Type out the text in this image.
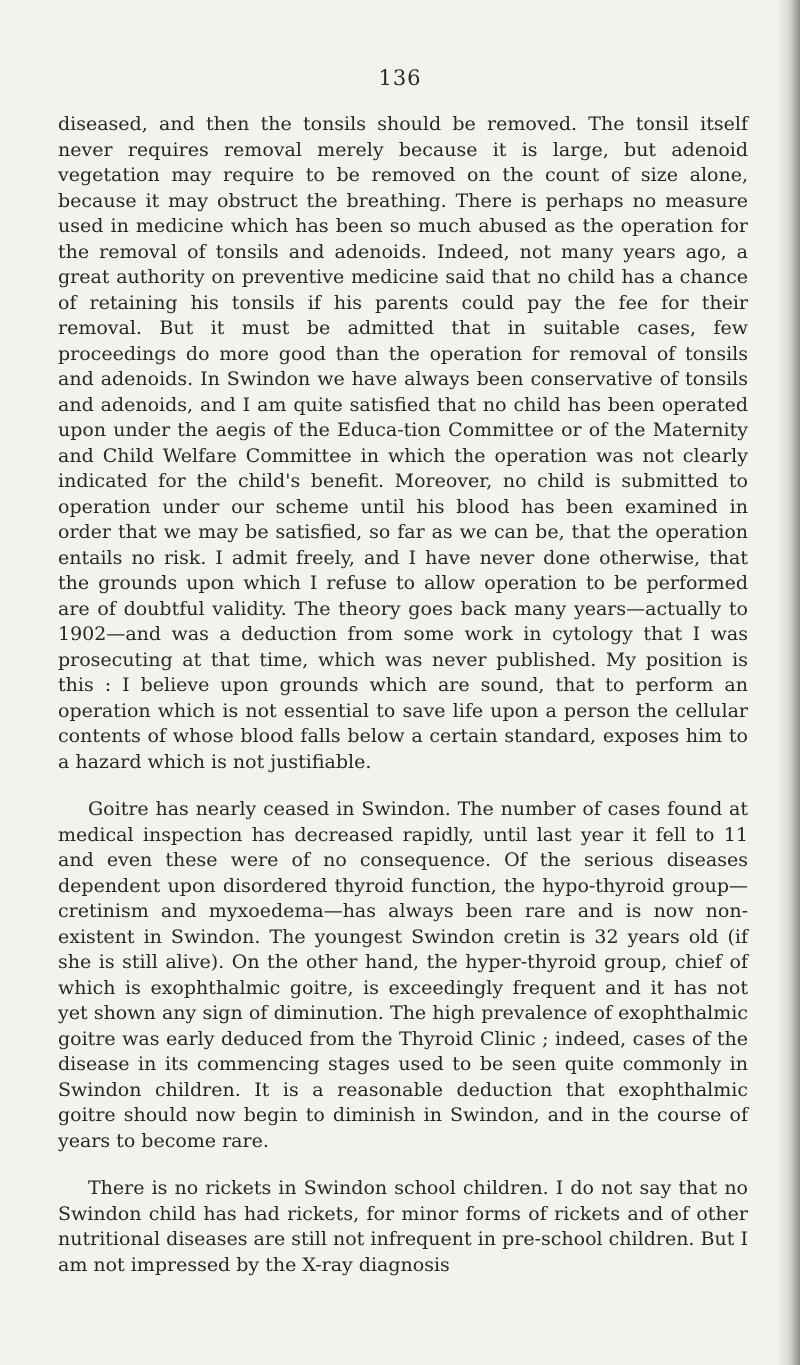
136

diseased, and then the tonsils should be removed. The tonsil itself never requires removal merely because it is large, but adenoid vegetation may require to be removed on the count of size alone, because it may obstruct the breathing. There is perhaps no measure used in medicine which has been so much abused as the operation for the removal of tonsils and adenoids. Indeed, not many years ago, a great authority on preventive medicine said that no child has a chance of retaining his tonsils if his parents could pay the fee for their removal. But it must be admitted that in suitable cases, few proceedings do more good than the operation for removal of tonsils and adenoids. In Swindon we have always been conservative of tonsils and adenoids, and I am quite satisfied that no child has been operated upon under the aegis of the Educa-tion Committee or of the Maternity and Child Welfare Committee in which the operation was not clearly indicated for the child's benefit. Moreover, no child is submitted to operation under our scheme until his blood has been examined in order that we may be satisfied, so far as we can be, that the operation entails no risk. I admit freely, and I have never done otherwise, that the grounds upon which I refuse to allow operation to be performed are of doubtful validity. The theory goes back many years—actually to 1902—and was a deduction from some work in cytology that I was prosecuting at that time, which was never published. My position is this : I believe upon grounds which are sound, that to perform an operation which is not essential to save life upon a person the cellular contents of whose blood falls below a certain standard, exposes him to a hazard which is not justifiable.

Goitre has nearly ceased in Swindon. The number of cases found at medical inspection has decreased rapidly, until last year it fell to 11 and even these were of no consequence. Of the serious diseases dependent upon disordered thyroid function, the hypo-thyroid group—cretinism and myxoedema—has always been rare and is now non-existent in Swindon. The youngest Swindon cretin is 32 years old (if she is still alive). On the other hand, the hyper-thyroid group, chief of which is exophthalmic goitre, is exceedingly frequent and it has not yet shown any sign of diminution. The high prevalence of exophthalmic goitre was early deduced from the Thyroid Clinic ; indeed, cases of the disease in its commencing stages used to be seen quite commonly in Swindon children. It is a reasonable deduction that exophthalmic goitre should now begin to diminish in Swindon, and in the course of years to become rare.

There is no rickets in Swindon school children. I do not say that no Swindon child has had rickets, for minor forms of rickets and of other nutritional diseases are still not infrequent in pre-school children. But I am not impressed by the X-ray diagnosis
